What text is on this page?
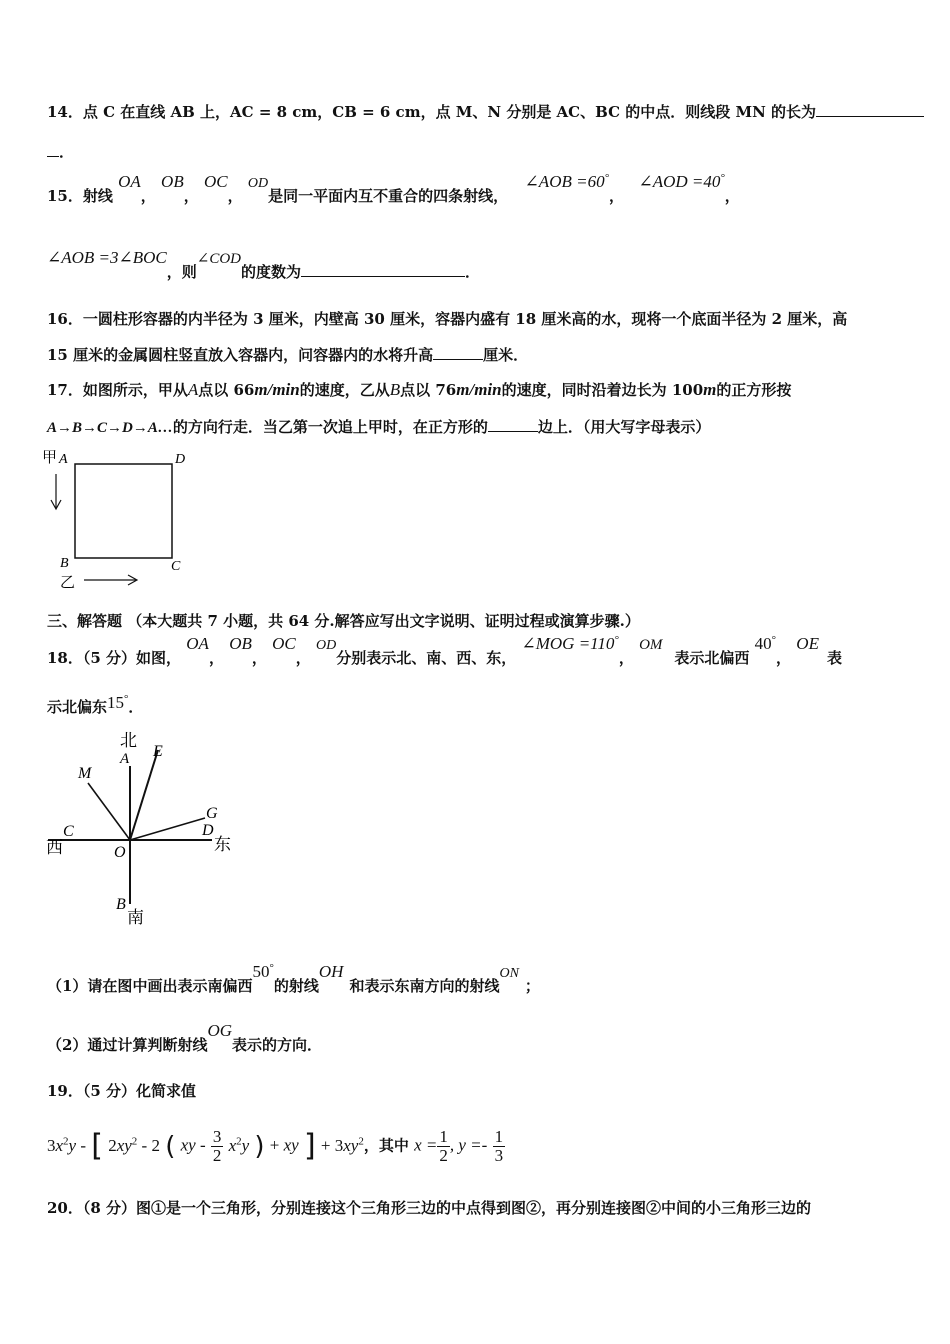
14．点 C 在直线 AB 上，AC = 8 cm，CB = 6 cm，点 M、N 分别是 AC、BC 的中点．则线段 MN 的长为
．
15．射线 OA， OB， OC， OD是同一平面内互不重合的四条射线，  ∠AOB =60°，  ∠AOD =40°，
∠AOB =3∠BOC，则∠COD的度数为	．
16．一圆柱形容器的内半径为 3 厘米，内壁高 30 厘米，容器内盛有 18 厘米高的水，现将一个底面半径为 2 厘米，高
15 厘米的金属圆柱竖直放入容器内，问容器内的水将升高	厘米．
17．如图所示，甲从A点以 66m/min的速度，乙从B点以 76m/min的速度，同时沿着边长为 100m的正方形按
A→B→C→D→A…的方向行走．当乙第一次追上甲时，在正方形的	边上．（用大写字母表示）
甲 A	D
B	C
乙
三、解答题 （本大题共 7 小题，共 64 分.解答应写出文字说明、证明过程或演算步骤.）
18．（5 分）如图， OA， OB， OC， OD分别表示北、南、西、东， ∠MOG =110°， OM表示北偏西 40°， OE表
示北偏东15°．
北
A E
M
G
D
C
西	O	东
B
南
（1）请在图中画出表示南偏西50°的射线OH和表示东南方向的射线ON；
（2）通过计算判断射线OG表示的方向．
19．（5 分）化简求值
$3x^2y$ - [ $2xy^2 - 2$ ( xy - $\frac{3}{2} x^2y$ ) + xy ] + $3xy^2$，其中 $x = \frac{1}{2}$ , $y =- \frac{1}{3}$
20．（8 分）图①是一个三角形，分别连接这个三角形三边的中点得到图②，再分别连接图②中间的小三角形三边的
